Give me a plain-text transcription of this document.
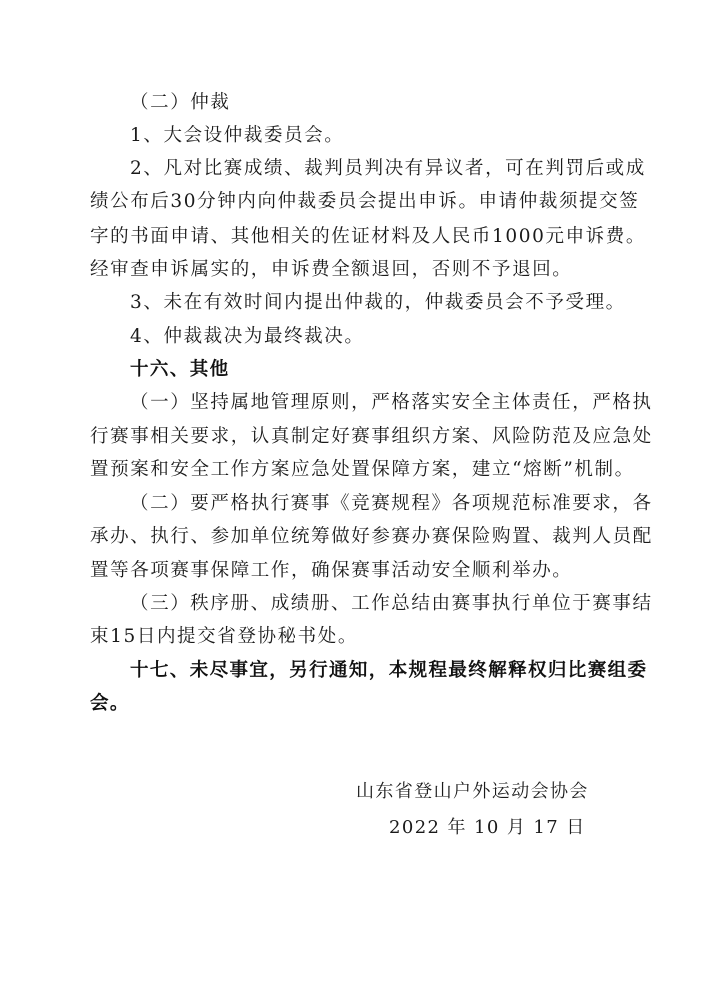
（二）仲裁
1、大会设仲裁委员会。
2、凡对比赛成绩、裁判员判决有异议者，可在判罚后或成
绩公布后30分钟内向仲裁委员会提出申诉。申请仲裁须提交签
字的书面申请、其他相关的佐证材料及人民币1000元申诉费。
经审查申诉属实的，申诉费全额退回，否则不予退回。
3、未在有效时间内提出仲裁的，仲裁委员会不予受理。
4、仲裁裁决为最终裁决。
十六、其他
（一）坚持属地管理原则，严格落实安全主体责任，严格执
行赛事相关要求，认真制定好赛事组织方案、风险防范及应急处
置预案和安全工作方案应急处置保障方案，建立“熔断”机制。
（二）要严格执行赛事《竞赛规程》各项规范标准要求，各
承办、执行、参加单位统筹做好参赛办赛保险购置、裁判人员配
置等各项赛事保障工作，确保赛事活动安全顺利举办。
（三）秩序册、成绩册、工作总结由赛事执行单位于赛事结
束15日内提交省登协秘书处。
十七、未尽事宜，另行通知，本规程最终解释权归比赛组委
会。
山东省登山户外运动会协会
2022 年 10 月 17 日
